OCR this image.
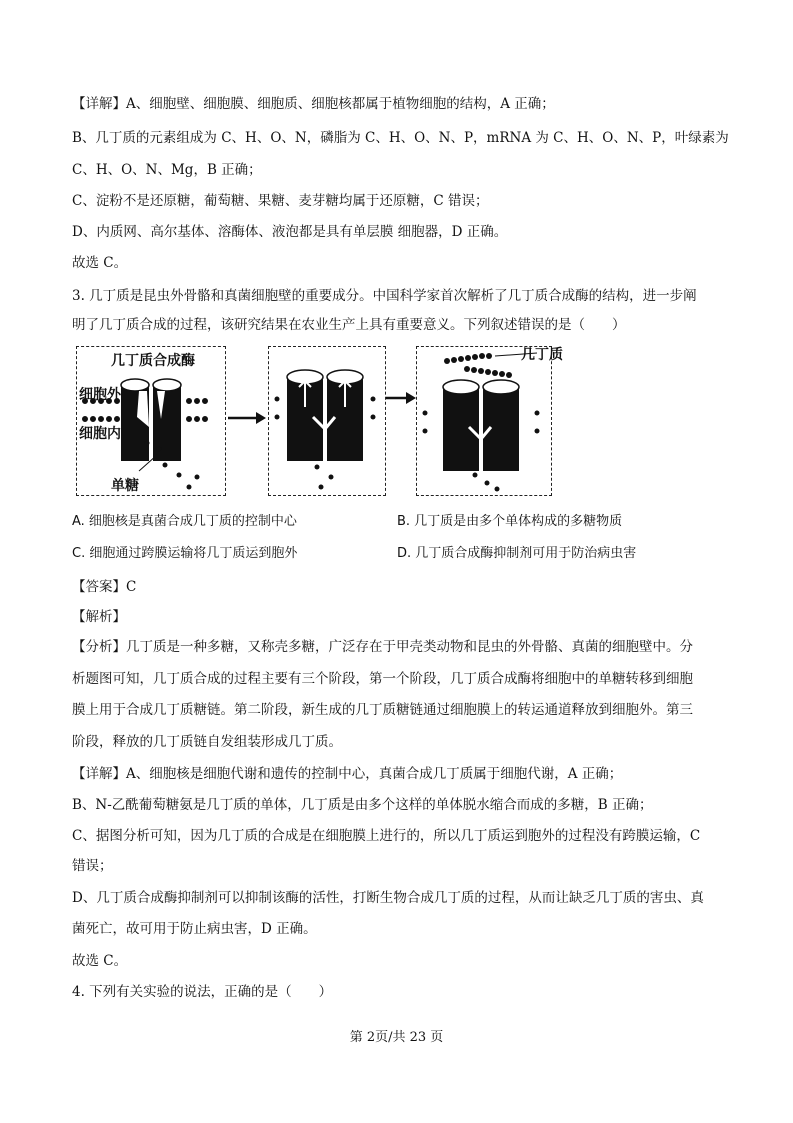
【详解】A、细胞壁、细胞膜、细胞质、细胞核都属于植物细胞的结构，A 正确；
B、几丁质的元素组成为 C、H、O、N，磷脂为 C、H、O、N、P，mRNA 为 C、H、O、N、P，叶绿素为
C、H、O、N、Mg，B 正确；
C、淀粉不是还原糖，葡萄糖、果糖、麦芽糖均属于还原糖，C 错误；
D、内质网、高尔基体、溶酶体、液泡都是具有单层膜 细胞器，D 正确。
故选 C。
3. 几丁质是昆虫外骨骼和真菌细胞壁的重要成分。中国科学家首次解析了几丁质合成酶的结构，进一步阐
明了几丁质合成的过程，该研究结果在农业生产上具有重要意义。下列叙述错误的是（　　）
几丁质合成酶
细胞外
细胞内
单糖
几丁质
A. 细胞核是真菌合成几丁质的控制中心	B. 几丁质是由多个单体构成的多糖物质
C. 细胞通过跨膜运输将几丁质运到胞外	D. 几丁质合成酶抑制剂可用于防治病虫害
【答案】C
【解析】
【分析】几丁质是一种多糖，又称壳多糖，广泛存在于甲壳类动物和昆虫的外骨骼、真菌的细胞壁中。分
析题图可知，几丁质合成的过程主要有三个阶段，第一个阶段，几丁质合成酶将细胞中的单糖转移到细胞
膜上用于合成几丁质糖链。第二阶段，新生成的几丁质糖链通过细胞膜上的转运通道释放到细胞外。第三
阶段，释放的几丁质链自发组装形成几丁质。
【详解】A、细胞核是细胞代谢和遗传的控制中心，真菌合成几丁质属于细胞代谢，A 正确；
B、N-乙酰葡萄糖氨是几丁质的单体，几丁质是由多个这样的单体脱水缩合而成的多糖，B 正确；
C、据图分析可知，因为几丁质的合成是在细胞膜上进行的，所以几丁质运到胞外的过程没有跨膜运输，C
错误；
D、几丁质合成酶抑制剂可以抑制该酶的活性，打断生物合成几丁质的过程，从而让缺乏几丁质的害虫、真
菌死亡，故可用于防止病虫害，D 正确。
故选 C。
4. 下列有关实验的说法，正确的是（　　）
第 2页/共 23 页
